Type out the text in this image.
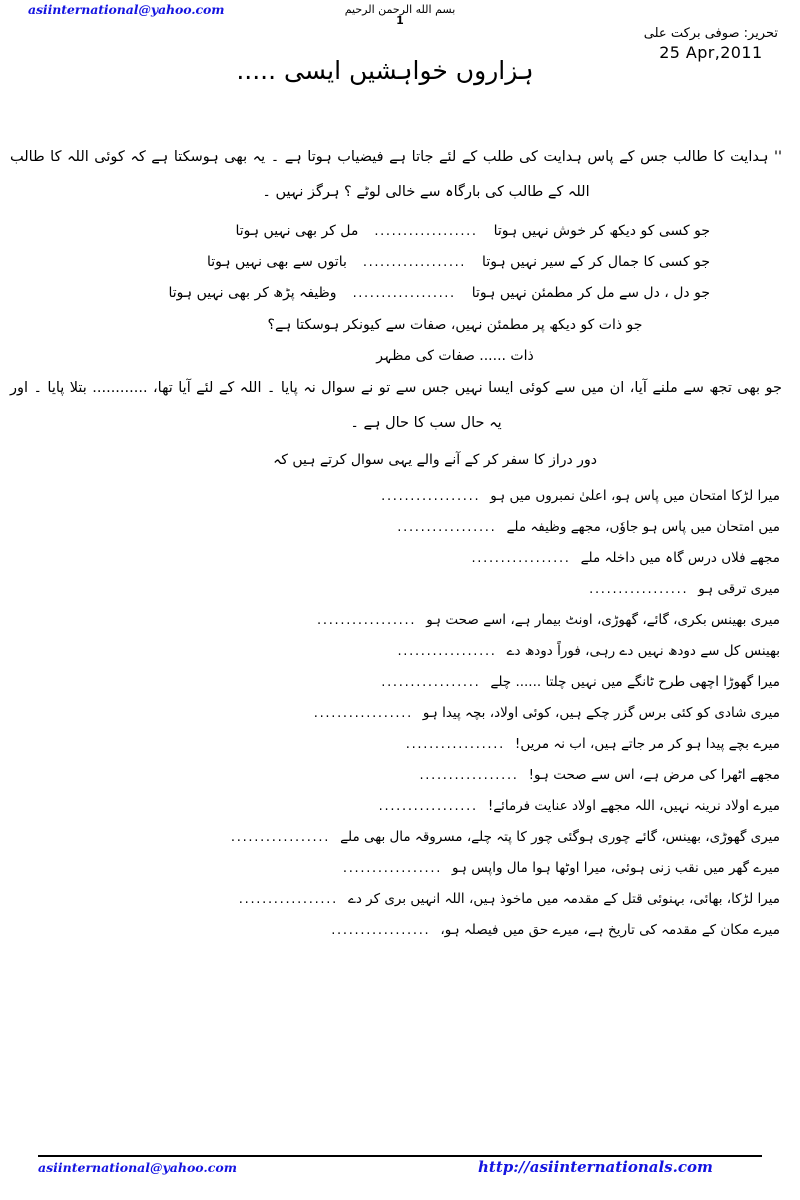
asiinternational@yahoo.com	بسم الله الرحمن الرحيم
1
تحریر: صوفی برکت علی
25 Apr,2011
ہزاروں خواہشیں ایسی .....
'' ہدایت کا طالب جس کے پاس ہدایت کی طلب کے لئے جاتا ہے فیضیاب ہوتا ہے ۔ یہ بھی ہوسکتا ہے کہ کوئی اللہ کا طالب
اللہ کے طالب کی بارگاہ سے خالی لوٹے ؟ ہرگز نہیں ۔
جو کسی کو دیکھ کر خوش نہیں ہوتا
..................
مل کر بھی نہیں ہوتا
جو کسی کا جمال کر کے سیر نہیں ہوتا
..................
باتوں سے بھی نہیں ہوتا
جو دل ، دل سے مل کر مطمئن نہیں ہوتا
..................
وظیفہ پڑھ کر بھی نہیں ہوتا
جو ذات کو دیکھ پر مطمئن نہیں، صفات سے کیونکر ہوسکتا ہے؟
ذات ...... صفات کی مظہر
جو بھی تجھ سے ملنے آیا، ان میں سے کوئی ایسا نہیں جس سے تو نے سوال نہ پایا ۔ اللہ کے لئے آیا تھا، ............ بتلا پایا ۔ اور
یہ حال سب کا حال ہے ۔
دور دراز کا سفر کر کے آنے والے یہی سوال کرتے ہیں کہ
میرا لڑکا امتحان میں پاس ہو، اعلیٰ نمبروں میں ہو
.................
میں امتحان میں پاس ہو جاوٗں، مجھے وظیفہ ملے
.................
مجھے فلاں درس گاہ میں داخلہ ملے
.................
میری ترقی ہو
.................
میری بھینس بکری، گائے، گھوڑی، اونٹ بیمار ہے، اسے صحت ہو
.................
بھینس کل سے دودھ نہیں دے رہی، فوراً دودھ دے
.................
میرا گھوڑا اچھی طرح ٹانگے میں نہیں چلتا ...... چلے
.................
میری شادی کو کئی برس گزر چکے ہیں، کوئی اولاد، بچہ پیدا ہو
.................
میرے بچے پیدا ہو کر مر جاتے ہیں، اب نہ مریں!
.................
مجھے اٹھرا کی مرض ہے، اس سے صحت ہو!
.................
میرے اولاد نرینہ نہیں، اللہ مجھے اولاد عنایت فرمائے!
.................
میری گھوڑی، بھینس، گائے چوری ہوگئی چور کا پتہ چلے، مسروقہ مال بھی ملے
.................
میرے گھر میں نقب زنی ہوئی، میرا اوٹھا ہوا مال واپس ہو
.................
میرا لڑکا، بھائی، بہنوئی قتل کے مقدمہ میں ماخوذ ہیں، اللہ انہیں بری کر دے
.................
میرے مکان کے مقدمہ کی تاریخ ہے، میرے حق میں فیصلہ ہو،
.................
asiinternational@yahoo.com	http://asiinternationals.com
